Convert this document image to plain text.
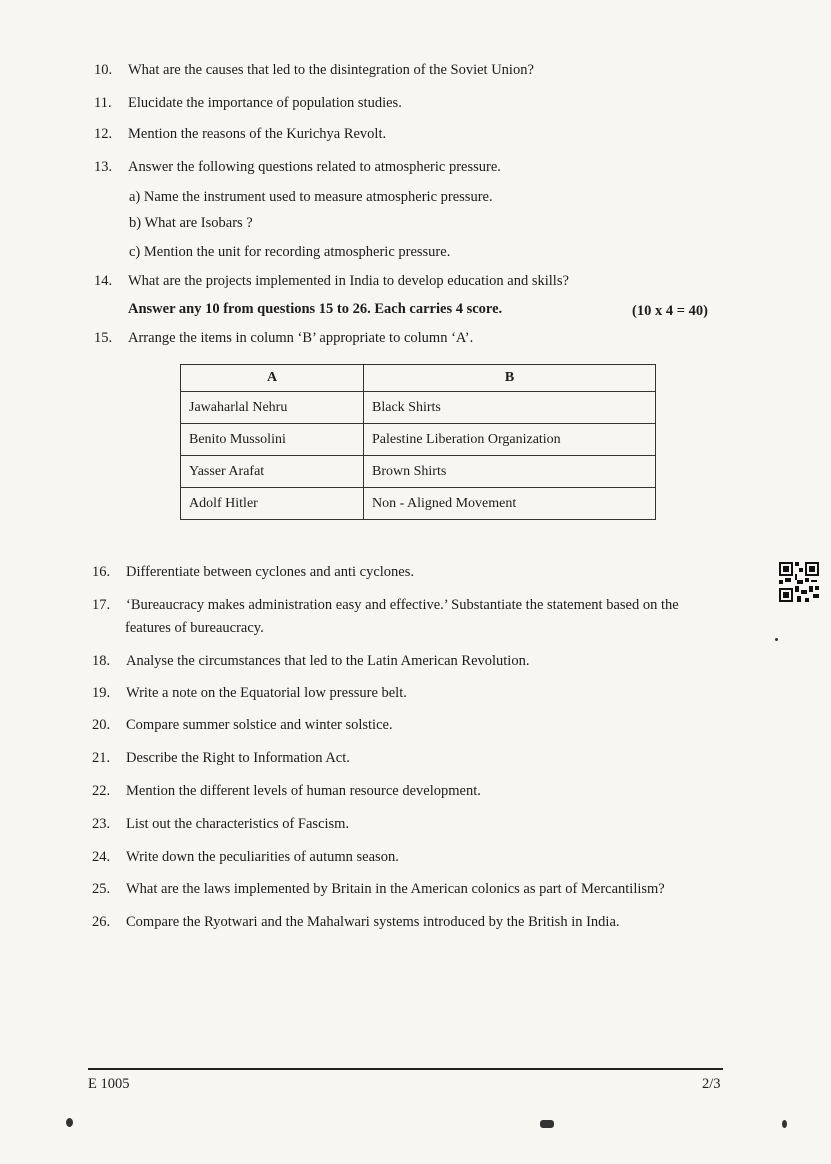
10. What are the causes that led to the disintegration of the Soviet Union?
11. Elucidate the importance of population studies.
12. Mention the reasons of the Kurichya Revolt.
13. Answer the following questions related to atmospheric pressure.
a) Name the instrument used to measure atmospheric pressure.
b) What are Isobars ?
c) Mention the unit for recording atmospheric pressure.
14. What are the projects implemented in India to develop education and skills?
Answer any 10 from questions 15 to 26. Each carries 4 score.	(10 x 4 = 40)
15. Arrange the items in column ‘B’ appropriate to column ‘A’.
A	B
Jawaharlal Nehru	Black Shirts
Benito Mussolini	Palestine Liberation Organization
Yasser Arafat	Brown Shirts
Adolf Hitler	Non - Aligned Movement
16. Differentiate between cyclones and anti cyclones.
17. ‘Bureaucracy makes administration easy and effective.’ Substantiate the statement based on the
features of bureaucracy.
18. Analyse the circumstances that led to the Latin American Revolution.
19. Write a note on the Equatorial low pressure belt.
20. Compare summer solstice and winter solstice.
21. Describe the Right to Information Act.
22. Mention the different levels of human resource development.
23. List out the characteristics of Fascism.
24. Write down the peculiarities of autumn season.
25. What are the laws implemented by Britain in the American colonics as part of Mercantilism?
26. Compare the Ryotwari and the Mahalwari systems introduced by the British in India.
E 1005	2/3
